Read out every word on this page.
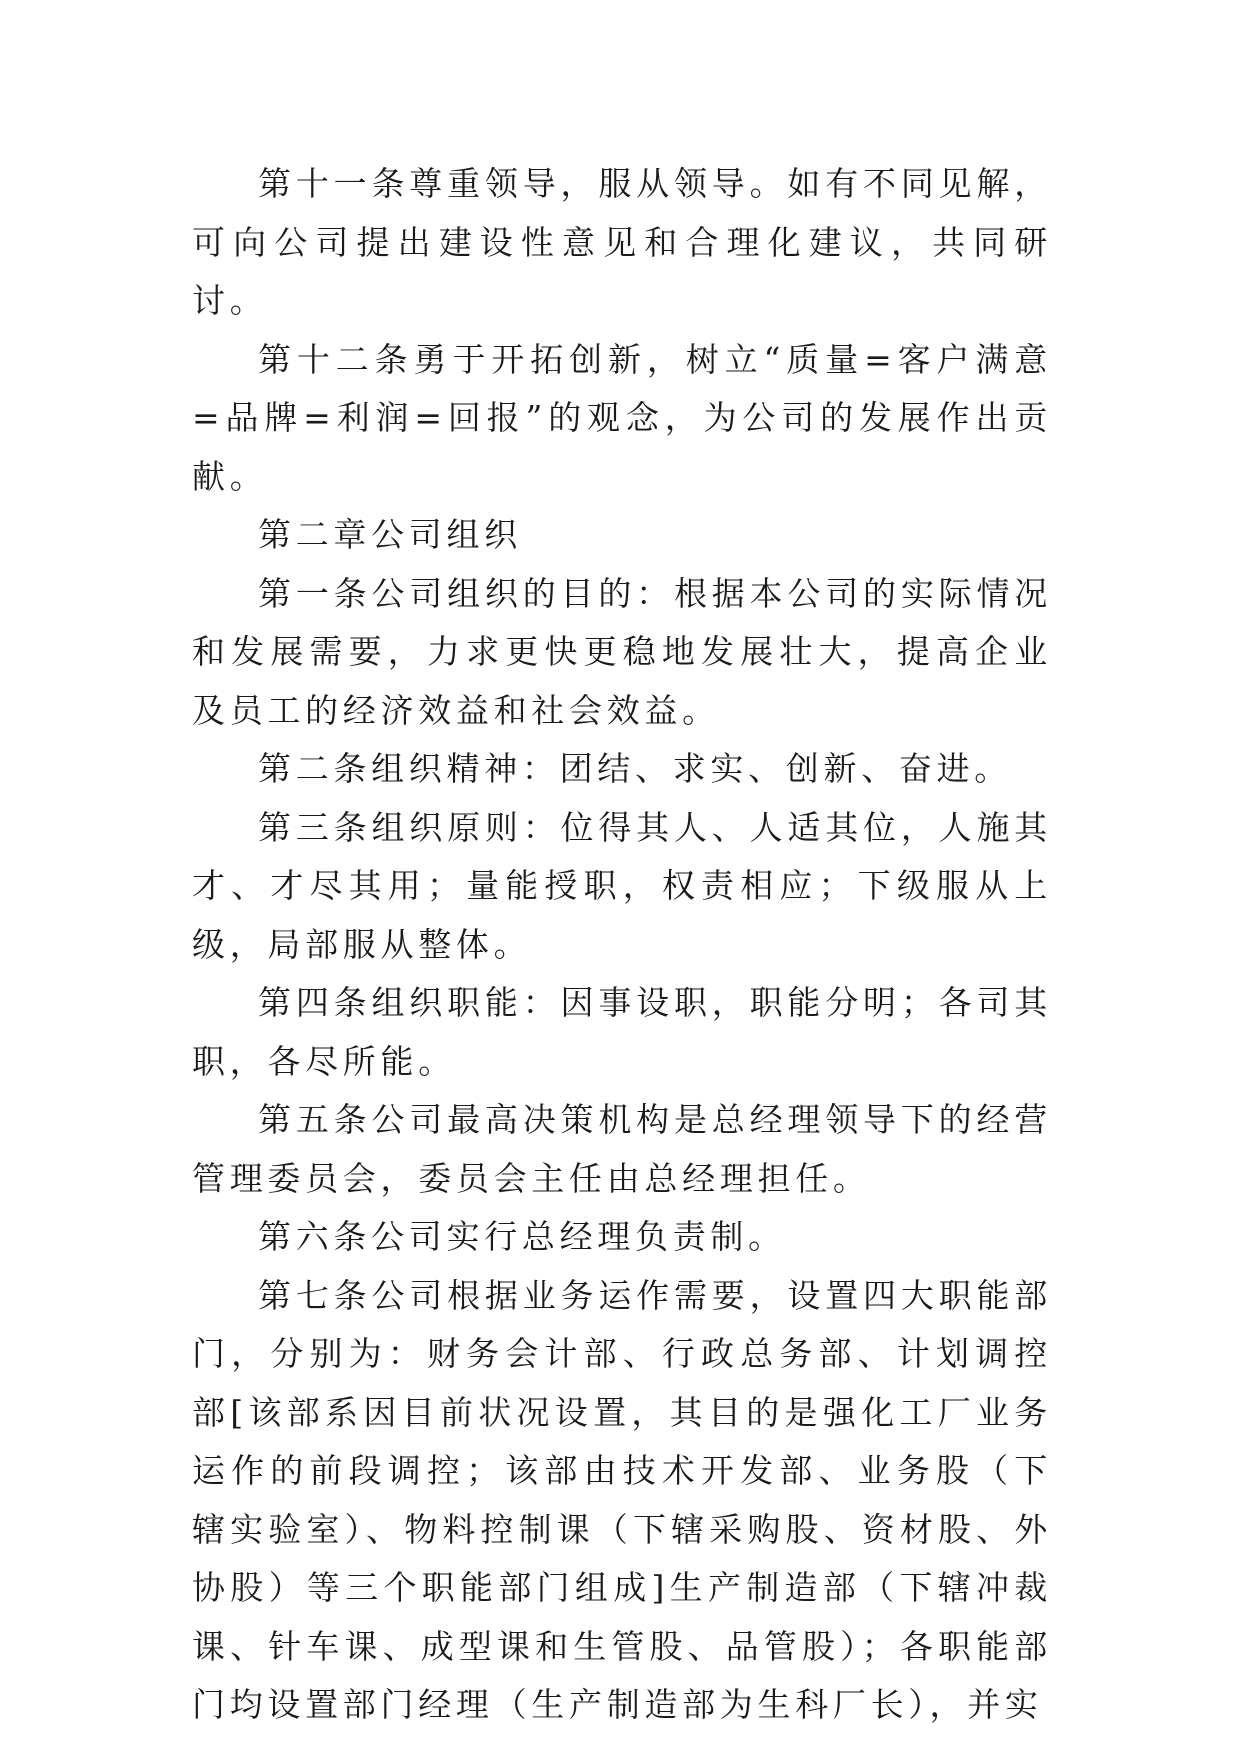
第十一条尊重领导，服从领导。如有不同见解，可向公司提出建设性意见和合理化建议，共同研讨。

第十二条勇于开拓创新，树立“质量=客户满意=品牌=利润=回报”的观念，为公司的发展作出贡献。

第二章公司组织

第一条公司组织的目的：根据本公司的实际情况和发展需要，力求更快更稳地发展壮大，提高企业及员工的经济效益和社会效益。

第二条组织精神：团结、求实、创新、奋进。

第三条组织原则：位得其人、人适其位，人施其才、才尽其用；量能授职，权责相应；下级服从上级，局部服从整体。

第四条组织职能：因事设职，职能分明；各司其职，各尽所能。

第五条公司最高决策机构是总经理领导下的经营管理委员会，委员会主任由总经理担任。

第六条公司实行总经理负责制。

第七条公司根据业务运作需要，设置四大职能部门，分别为：财务会计部、行政总务部、计划调控部[该部系因目前状况设置，其目的是强化工厂业务运作的前段调控；该部由技术开发部、业务股（下辖实验室）、物料控制课（下辖采购股、资材股、外协股）等三个职能部门组成]生产制造部（下辖冲裁课、针车课、成型课和生管股、品管股）；各职能部门均设置部门经理（生产制造部为生科厂长），并实
